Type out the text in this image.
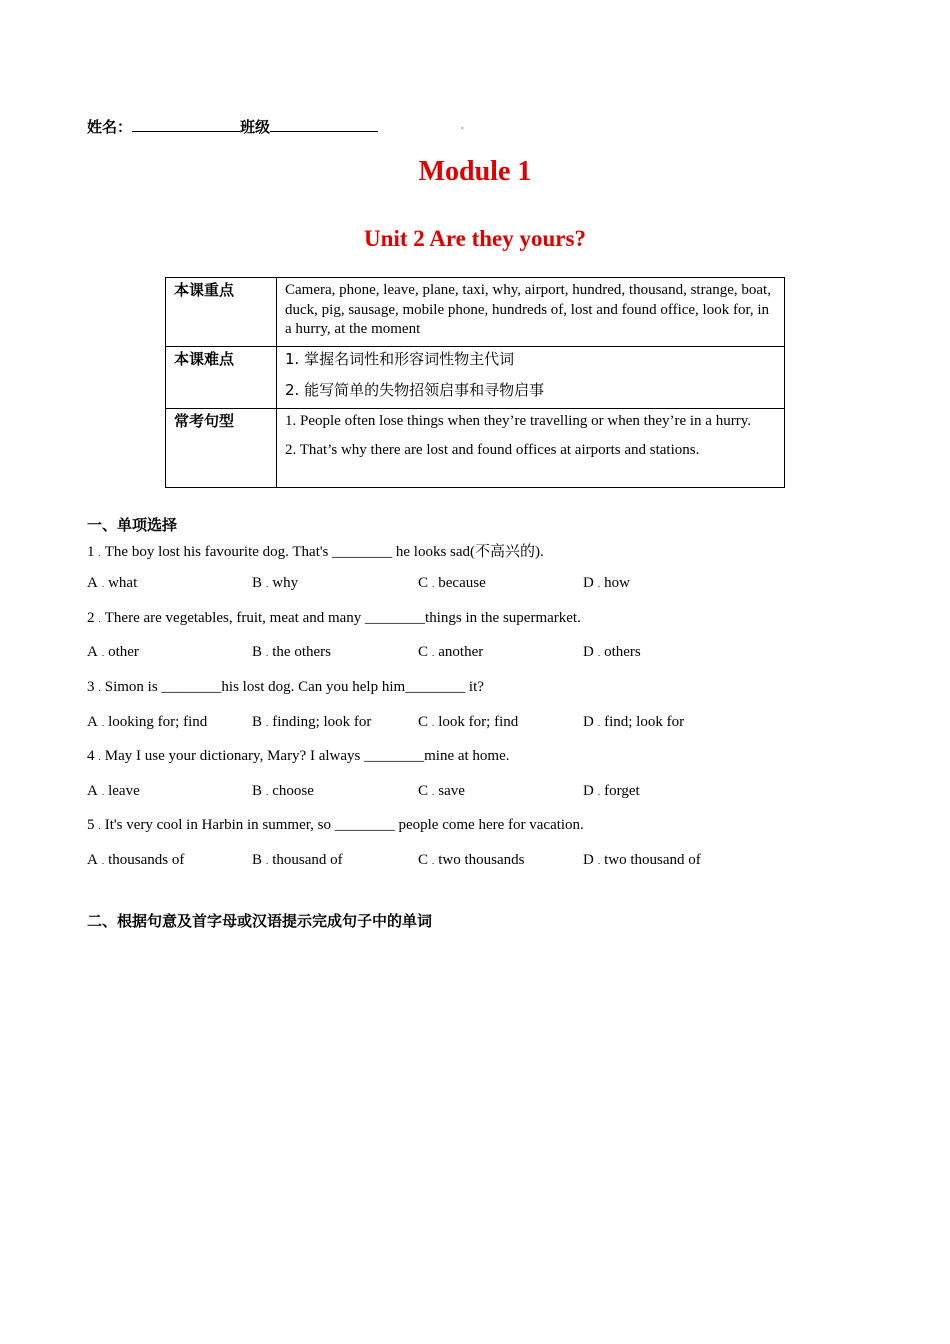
姓名：	班级	•
Module 1
Unit 2 Are they yours?
本课重点	Camera, phone, leave, plane, taxi, why, airport, hundred, thousand, strange, boat, duck, pig, sausage, mobile phone, hundreds of, lost and found office, look for, in a hurry, at the moment

本课难点	1. 掌握名词性和形容词性物主代词
2. 能写简单的失物招领启事和寻物启事

常考句型	1. People often lose things when they’re travelling or when they’re in a hurry.
2. That’s why there are lost and found offices at airports and stations.
一、单项选择
1 . The boy lost his favourite dog. That's ________ he looks sad(不高兴的).
A . what	B . why	C . because	D . how
2 . There are vegetables, fruit, meat and many ________things in the supermarket.
A . other	B . the others	C . another	D . others
3 . Simon is ________his lost dog. Can you help him________ it?
A . looking for; find	B . finding; look for	C . look for; find	D . find; look for
4 . May I use your dictionary, Mary? I always ________mine at home.
A . leave	B . choose	C . save	D . forget
5 . It's very cool in Harbin in summer, so ________ people come here for vacation.
A . thousands of	B . thousand of	C . two thousands	D . two thousand of
二、根据句意及首字母或汉语提示完成句子中的单词
